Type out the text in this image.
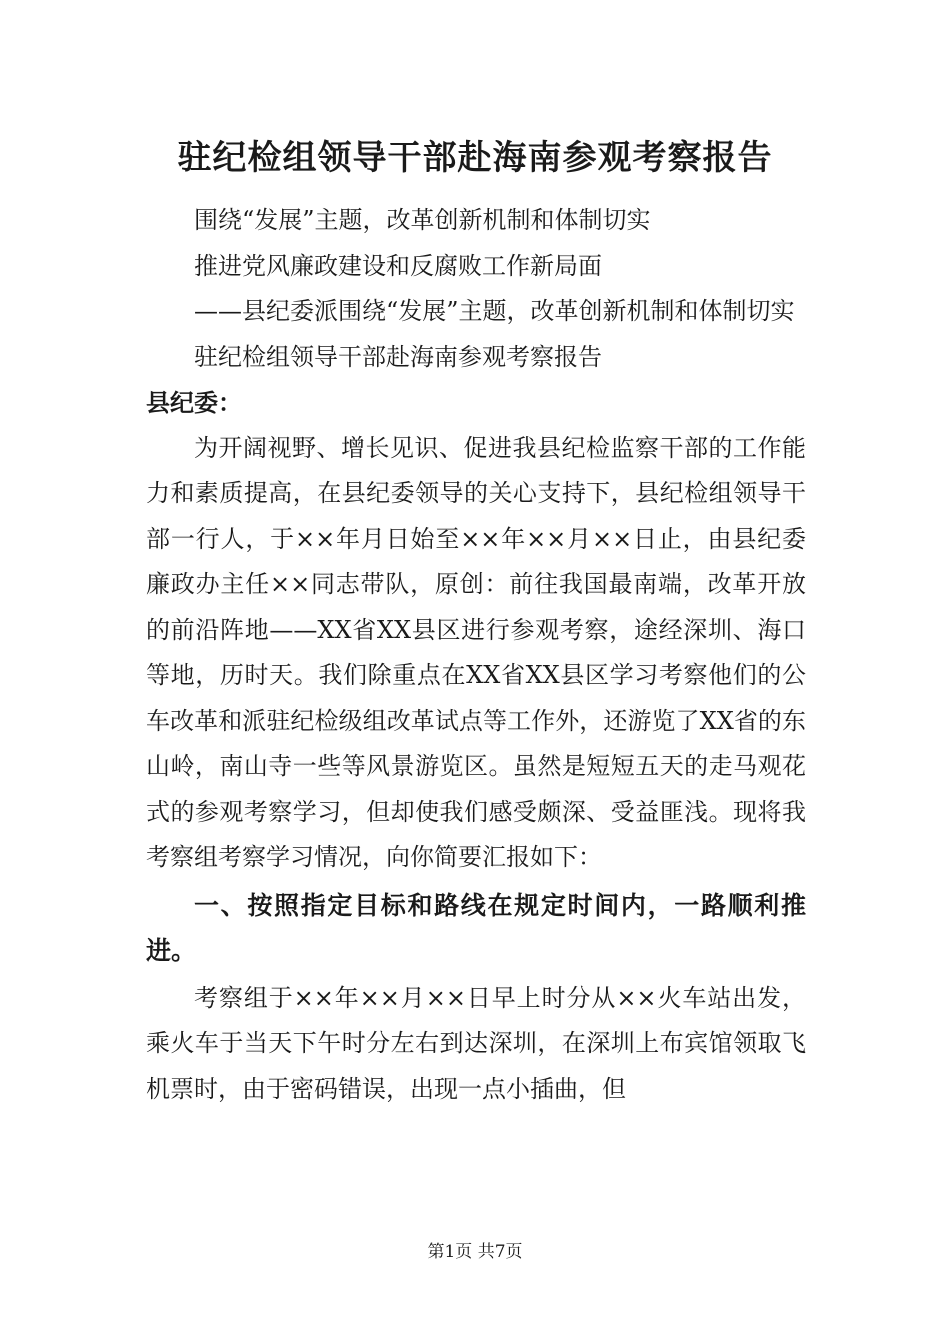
驻纪检组领导干部赴海南参观考察报告

围绕“发展”主题，改革创新机制和体制切实

推进党风廉政建设和反腐败工作新局面

——县纪委派围绕“发展”主题，改革创新机制和体制切实

驻纪检组领导干部赴海南参观考察报告

县纪委：

为开阔视野、增长见识、促进我县纪检监察干部的工作能力和素质提高，在县纪委领导的关心支持下，县纪检组领导干部一行人，于××年月日始至××年××月××日止，由县纪委廉政办主任××同志带队，原创：前往我国最南端，改革开放的前沿阵地——XX省XX县区进行参观考察，途经深圳、海口等地，历时天。我们除重点在XX省XX县区学习考察他们的公车改革和派驻纪检级组改革试点等工作外，还游览了XX省的东山岭，南山寺一些等风景游览区。虽然是短短五天的走马观花式的参观考察学习，但却使我们感受颇深、受益匪浅。现将我考察组考察学习情况，向你简要汇报如下：

一、按照指定目标和路线在规定时间内，一路顺利推进。

考察组于××年××月××日早上时分从××火车站出发，乘火车于当天下午时分左右到达深圳，在深圳上布宾馆领取飞机票时，由于密码错误，出现一点小插曲，但

第1页 共7页
